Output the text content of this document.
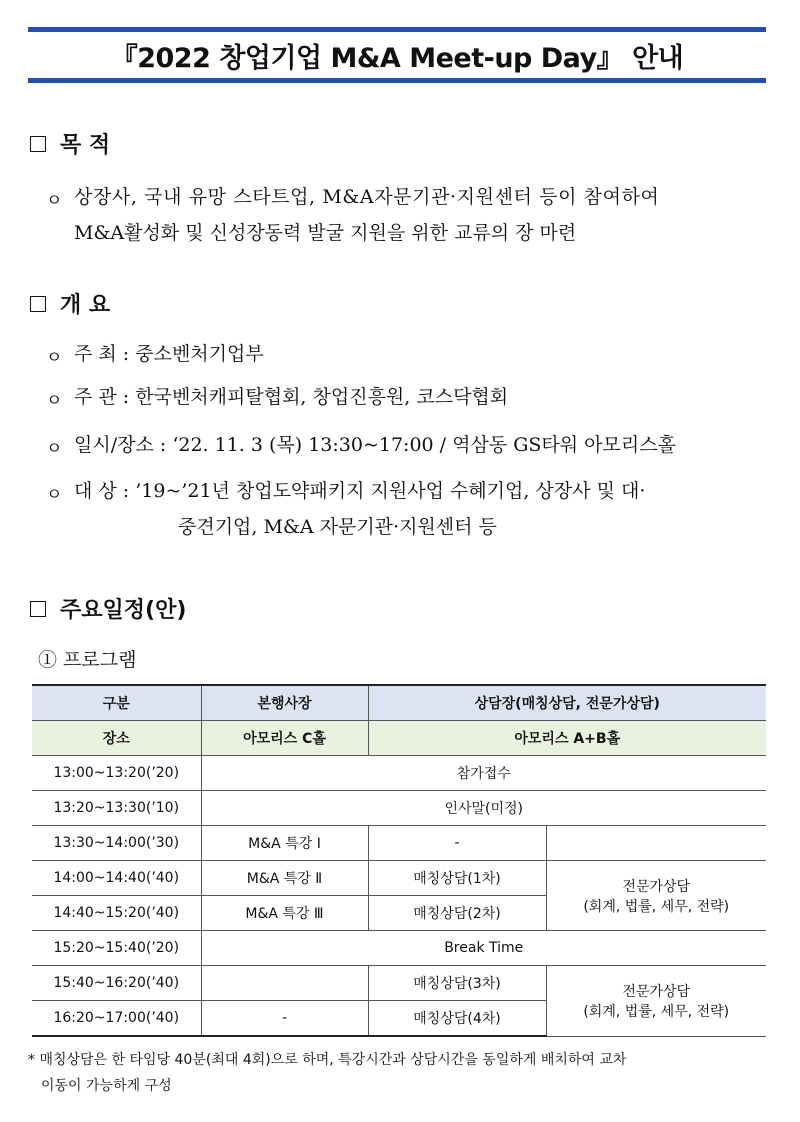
『2022 창업기업 M&A Meet-up Day』 안내
목 적
ㅇ 상장사, 국내 유망 스타트업, M&A자문기관·지원센터 등이 참여하여
M&A활성화 및 신성장동력 발굴 지원을 위한 교류의 장 마련
개 요
ㅇ 주 최 : 중소벤처기업부
ㅇ 주 관 : 한국벤처캐피탈협회, 창업진흥원, 코스닥협회
ㅇ 일시/장소 : ‘22. 11. 3 (목) 13:30~17:00 / 역삼동 GS타워 아모리스홀
ㅇ 대 상 : ’19~’21년 창업도약패키지 지원사업 수혜기업, 상장사 및 대·
중견기업, M&A 자문기관·지원센터 등
주요일정(안)
① 프로그램
구분	본행사장	상담장(매칭상담, 전문가상담)	
장소	아모리스 C홀	아모리스 A+B홀	
13:00~13:20(’20)	참가접수		
13:20~13:30(’10)	인사말(미정)		
13:30~14:00(’30)	M&A 특강 Ⅰ	-	
14:00~14:40(’40)	M&A 특강 Ⅱ	매칭상담(1차)	전문가상담
(회계, 법률, 세무, 전략)

14:40~15:20(’40)	M&A 특강 Ⅲ	매칭상담(2차)	
15:20~15:40(’20)	Break Time		
15:40~16:20(’40)		매칭상담(3차)	전문가상담
(회계, 법률, 세무, 전략)

16:20~17:00(’40)	-	매칭상담(4차)	
* 매칭상담은 한 타임당 40분(최대 4회)으로 하며, 특강시간과 상담시간을 동일하게 배치하여 교차
이동이 가능하게 구성
